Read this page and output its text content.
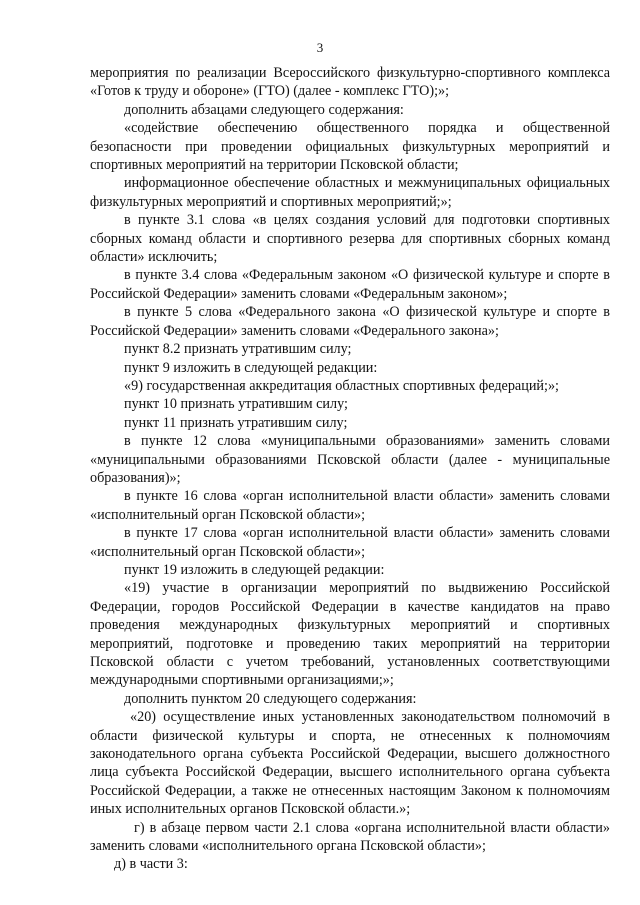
3

мероприятия по реализации Всероссийского физкультурно-спортивного комплекса «Готов к труду и обороне» (ГТО) (далее - комплекс ГТО);»;

дополнить абзацами следующего содержания:

«содействие обеспечению общественного порядка и общественной безопасности при проведении официальных физкультурных мероприятий и спортивных мероприятий на территории Псковской области;

информационное обеспечение областных и межмуниципальных официальных физкультурных мероприятий и спортивных мероприятий;»;

в пункте 3.1 слова «в целях создания условий для подготовки спортивных сборных команд области и спортивного резерва для спортивных сборных команд области» исключить;

в пункте 3.4 слова «Федеральным законом «О физической культуре и спорте в Российской Федерации» заменить словами «Федеральным законом»;

в пункте 5 слова «Федерального закона «О физической культуре и спорте в Российской Федерации» заменить словами «Федерального закона»;

пункт 8.2 признать утратившим силу;

пункт 9 изложить в следующей редакции:

«9) государственная аккредитация областных спортивных федераций;»;

пункт 10 признать утратившим силу;

пункт 11 признать утратившим силу;

в пункте 12 слова «муниципальными образованиями» заменить словами «муниципальными образованиями Псковской области (далее - муниципальные образования)»;

в пункте 16 слова «орган исполнительной власти области» заменить словами «исполнительный орган Псковской области»;

в пункте 17 слова «орган исполнительной власти области» заменить словами «исполнительный орган Псковской области»;

пункт 19 изложить в следующей редакции:

«19) участие в организации мероприятий по выдвижению Российской Федерации, городов Российской Федерации в качестве кандидатов на право проведения международных физкультурных мероприятий и спортивных мероприятий, подготовке и проведению таких мероприятий на территории Псковской области с учетом требований, установленных соответствующими международными спортивными организациями;»;

дополнить пунктом 20 следующего содержания:

«20) осуществление иных установленных законодательством полномочий в области физической культуры и спорта, не отнесенных к полномочиям законодательного органа субъекта Российской Федерации, высшего должностного лица субъекта Российской Федерации, высшего исполнительного органа субъекта Российской Федерации, а также не отнесенных настоящим Законом к полномочиям иных исполнительных органов Псковской области.»;

г) в абзаце первом части 2.1 слова «органа исполнительной власти области» заменить словами «исполнительного органа Псковской области»;

д) в части 3:
